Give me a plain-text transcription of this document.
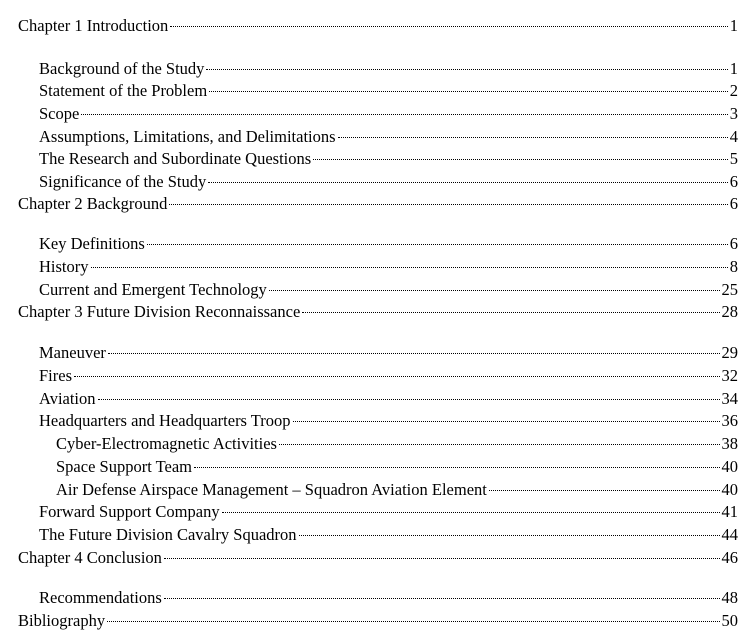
Chapter 1 Introduction	1
Background of the Study	1
Statement of the Problem	2
Scope	3
Assumptions, Limitations, and Delimitations	4
The Research and Subordinate Questions	5
Significance of the Study	6
Chapter 2 Background	6
Key Definitions	6
History	8
Current and Emergent Technology	25
Chapter 3 Future Division Reconnaissance	28
Maneuver	29
Fires	32
Aviation	34
Headquarters and Headquarters Troop	36
Cyber-Electromagnetic Activities	38
Space Support Team	40
Air Defense Airspace Management – Squadron Aviation Element	40
Forward Support Company	41
The Future Division Cavalry Squadron	44
Chapter 4 Conclusion	46
Recommendations	48
Bibliography	50
